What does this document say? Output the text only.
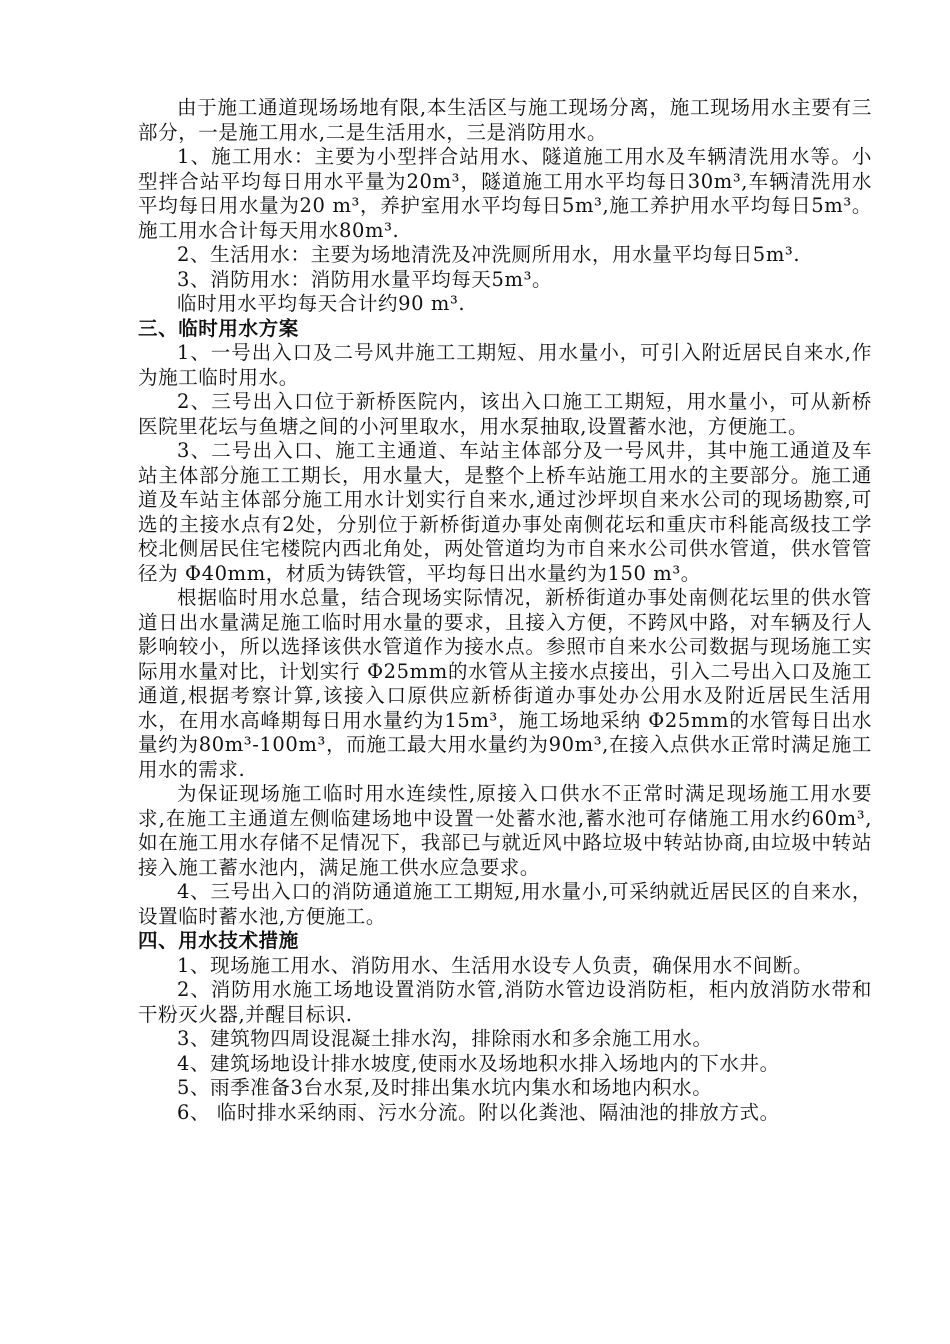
由于施工通道现场场地有限,本生活区与施工现场分离，施工现场用水主要有三部分，一是施工用水,二是生活用水，三是消防用水。

1、施工用水：主要为小型拌合站用水、隧道施工用水及车辆清洗用水等。小型拌合站平均每日用水平量为20m³，隧道施工用水平均每日30m³,车辆清洗用水平均每日用水量为20 m³，养护室用水平均每日5m³,施工养护用水平均每日5m³。施工用水合计每天用水80m³.

2、生活用水：主要为场地清洗及冲洗厕所用水，用水量平均每日5m³.

3、消防用水：消防用水量平均每天5m³。

临时用水平均每天合计约90 m³.

三、临时用水方案

1、一号出入口及二号风井施工工期短、用水量小，可引入附近居民自来水,作为施工临时用水。

2、三号出入口位于新桥医院内，该出入口施工工期短，用水量小，可从新桥医院里花坛与鱼塘之间的小河里取水，用水泵抽取,设置蓄水池，方便施工。

3、二号出入口、施工主通道、车站主体部分及一号风井，其中施工通道及车站主体部分施工工期长，用水量大，是整个上桥车站施工用水的主要部分。施工通道及车站主体部分施工用水计划实行自来水,通过沙坪坝自来水公司的现场勘察,可选的主接水点有2处，分别位于新桥街道办事处南侧花坛和重庆市科能高级技工学校北侧居民住宅楼院内西北角处，两处管道均为市自来水公司供水管道，供水管管径为 Φ40mm，材质为铸铁管，平均每日出水量约为150 m³。

根据临时用水总量，结合现场实际情况，新桥街道办事处南侧花坛里的供水管道日出水量满足施工临时用水量的要求，且接入方便，不跨风中路，对车辆及行人影响较小，所以选择该供水管道作为接水点。参照市自来水公司数据与现场施工实际用水量对比，计划实行 Φ25mm的水管从主接水点接出，引入二号出入口及施工通道,根据考察计算,该接入口原供应新桥街道办事处办公用水及附近居民生活用水，在用水高峰期每日用水量约为15m³，施工场地采纳 Φ25mm的水管每日出水量约为80m³-100m³，而施工最大用水量约为90m³,在接入点供水正常时满足施工用水的需求.

为保证现场施工临时用水连续性,原接入口供水不正常时满足现场施工用水要求,在施工主通道左侧临建场地中设置一处蓄水池,蓄水池可存储施工用水约60m³,如在施工用水存储不足情况下，我部已与就近风中路垃圾中转站协商,由垃圾中转站接入施工蓄水池内，满足施工供水应急要求。

4、三号出入口的消防通道施工工期短,用水量小,可采纳就近居民区的自来水，设置临时蓄水池,方便施工。

四、用水技术措施

1、现场施工用水、消防用水、生活用水设专人负责，确保用水不间断。

2、消防用水施工场地设置消防水管,消防水管边设消防柜，柜内放消防水带和干粉灭火器,并醒目标识.

3、建筑物四周设混凝土排水沟，排除雨水和多余施工用水。

4、建筑场地设计排水坡度,使雨水及场地积水排入场地内的下水井。

5、雨季准备3台水泵,及时排出集水坑内集水和场地内积水。

6、 临时排水采纳雨、污水分流。附以化粪池、隔油池的排放方式。
